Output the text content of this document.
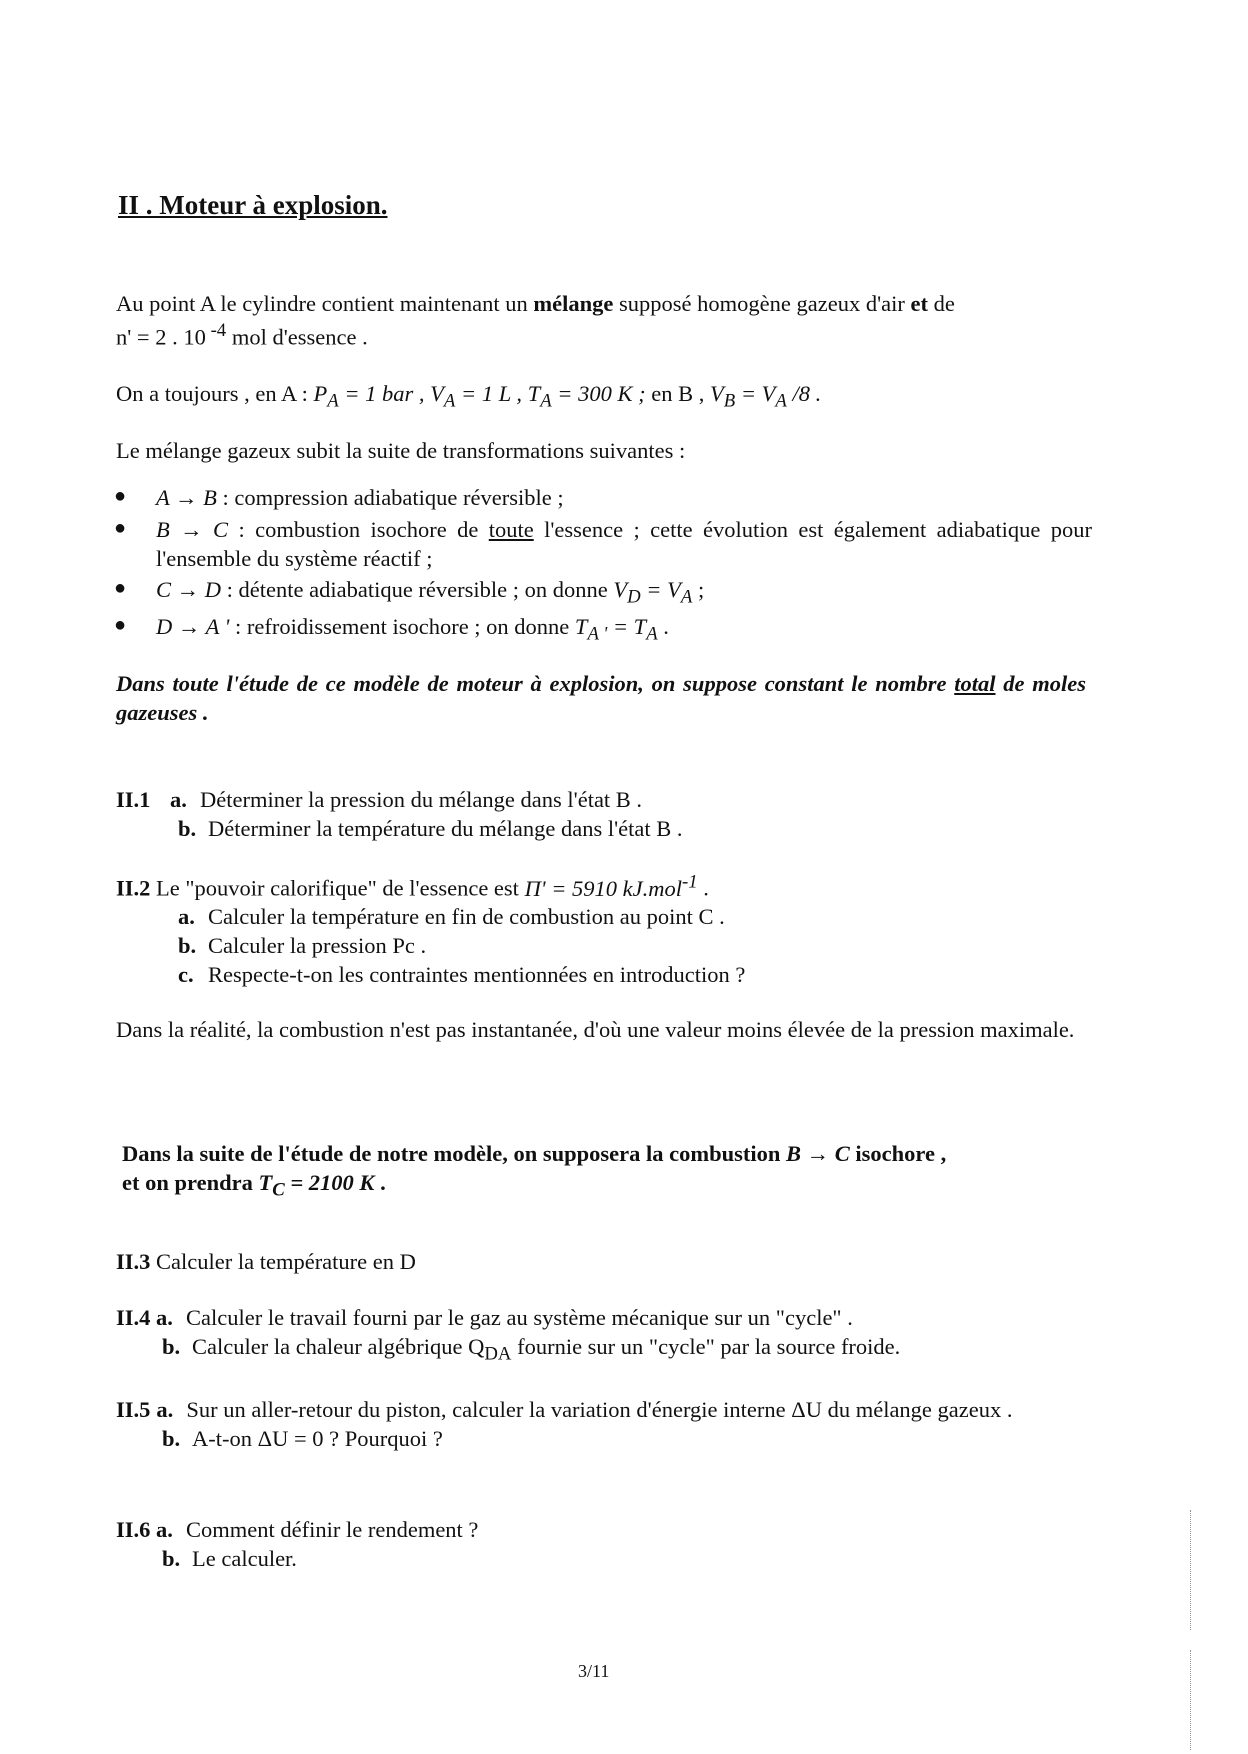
II . Moteur à explosion.
Au point A le cylindre contient maintenant un mélange supposé homogène gazeux d'air et de
n' = 2 . 10 $^{-4}$ mol d'essence .
On a toujours , en A : $P_A = 1$ bar , $V_A = 1$ L , $T_A = 300$ K ; en B , $V_B = V_A$ /8 .
Le mélange gazeux subit la suite de transformations suivantes :
● A → B : compression adiabatique réversible ;
● B → C : combustion isochore de toute l'essence ; cette évolution est également adiabatique pour l'ensemble du système réactif ;
● C → D : détente adiabatique réversible ; on donne $V_D = V_A$ ;
● D → A ' : refroidissement isochore ; on donne $T_{A '} = T_A$ .
Dans toute l'étude de ce modèle de moteur à explosion, on suppose constant le nombre total de moles gazeuses .
II.1 a. Déterminer la pression du mélange dans l'état B .
b. Déterminer la température du mélange dans l'état B .
II.2 Le "pouvoir calorifique" de l'essence est Π' = 5910 kJ.mol$^{-1}$ .
a. Calculer la température en fin de combustion au point C .
b. Calculer la pression Pc .
c. Respecte-t-on les contraintes mentionnées en introduction ?
Dans la réalité, la combustion n'est pas instantanée, d'où une valeur moins élevée de la pression maximale.
Dans la suite de l'étude de notre modèle, on supposera la combustion B → C isochore ,
et on prendra $T_C = 2100$ K .
II.3 Calculer la température en D
II.4 a. Calculer le travail fourni par le gaz au système mécanique sur un "cycle" .
b. Calculer la chaleur algébrique $Q_{DA}$ fournie sur un "cycle" par la source froide.
II.5 a. Sur un aller-retour du piston, calculer la variation d'énergie interne ΔU du mélange gazeux .
b. A-t-on ΔU = 0 ? Pourquoi ?
II.6 a. Comment définir le rendement ?
b. Le calculer.
3/11
